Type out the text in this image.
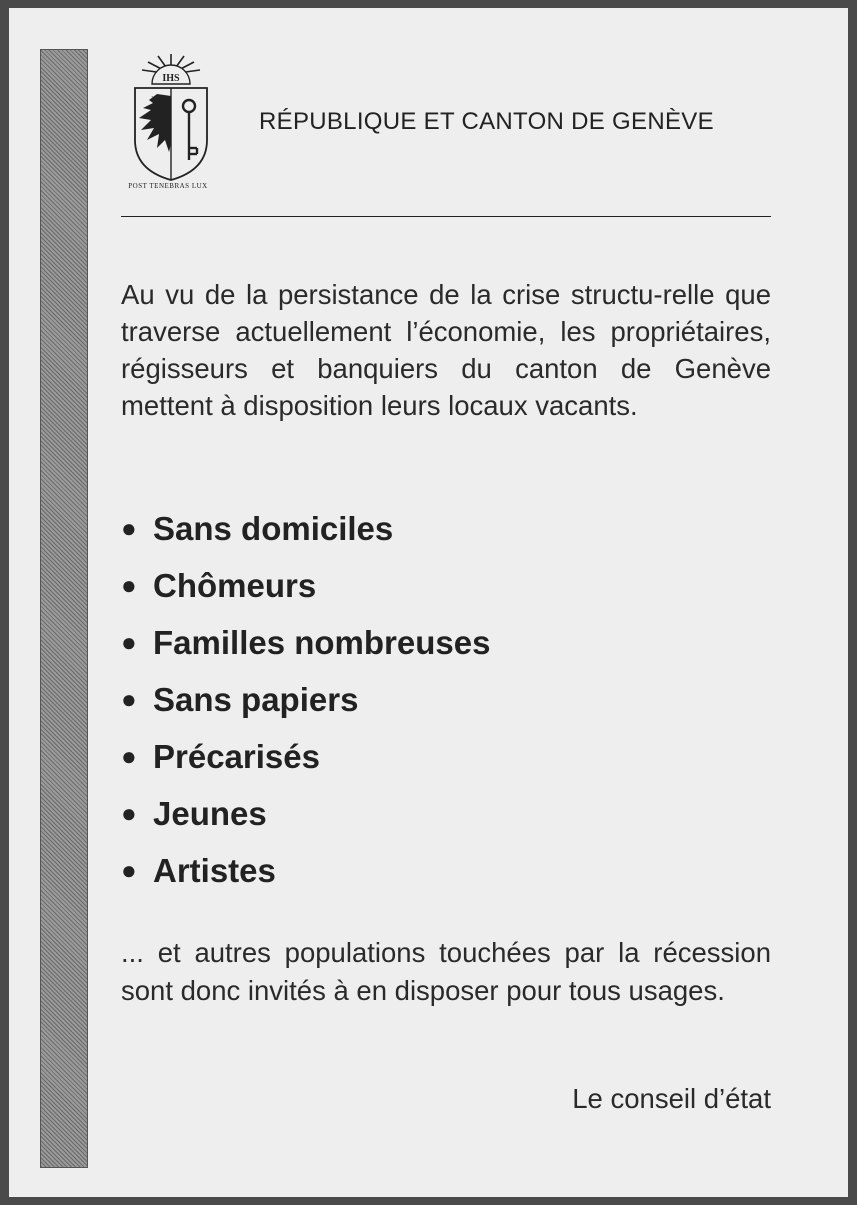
IHS
POST TENEBRAS LUX
RÉPUBLIQUE ET CANTON DE GENÈVE
Au vu de la persistance de la crise structu-relle que traverse actuellement l’économie, les propriétaires, régisseurs et banquiers du canton de Genève mettent à disposition leurs locaux vacants.
● Sans domiciles
● Chômeurs
● Familles nombreuses
● Sans papiers
● Précarisés
● Jeunes
● Artistes
... et autres populations touchées par la récession sont donc invités à en disposer pour tous usages.
Le conseil d’état
